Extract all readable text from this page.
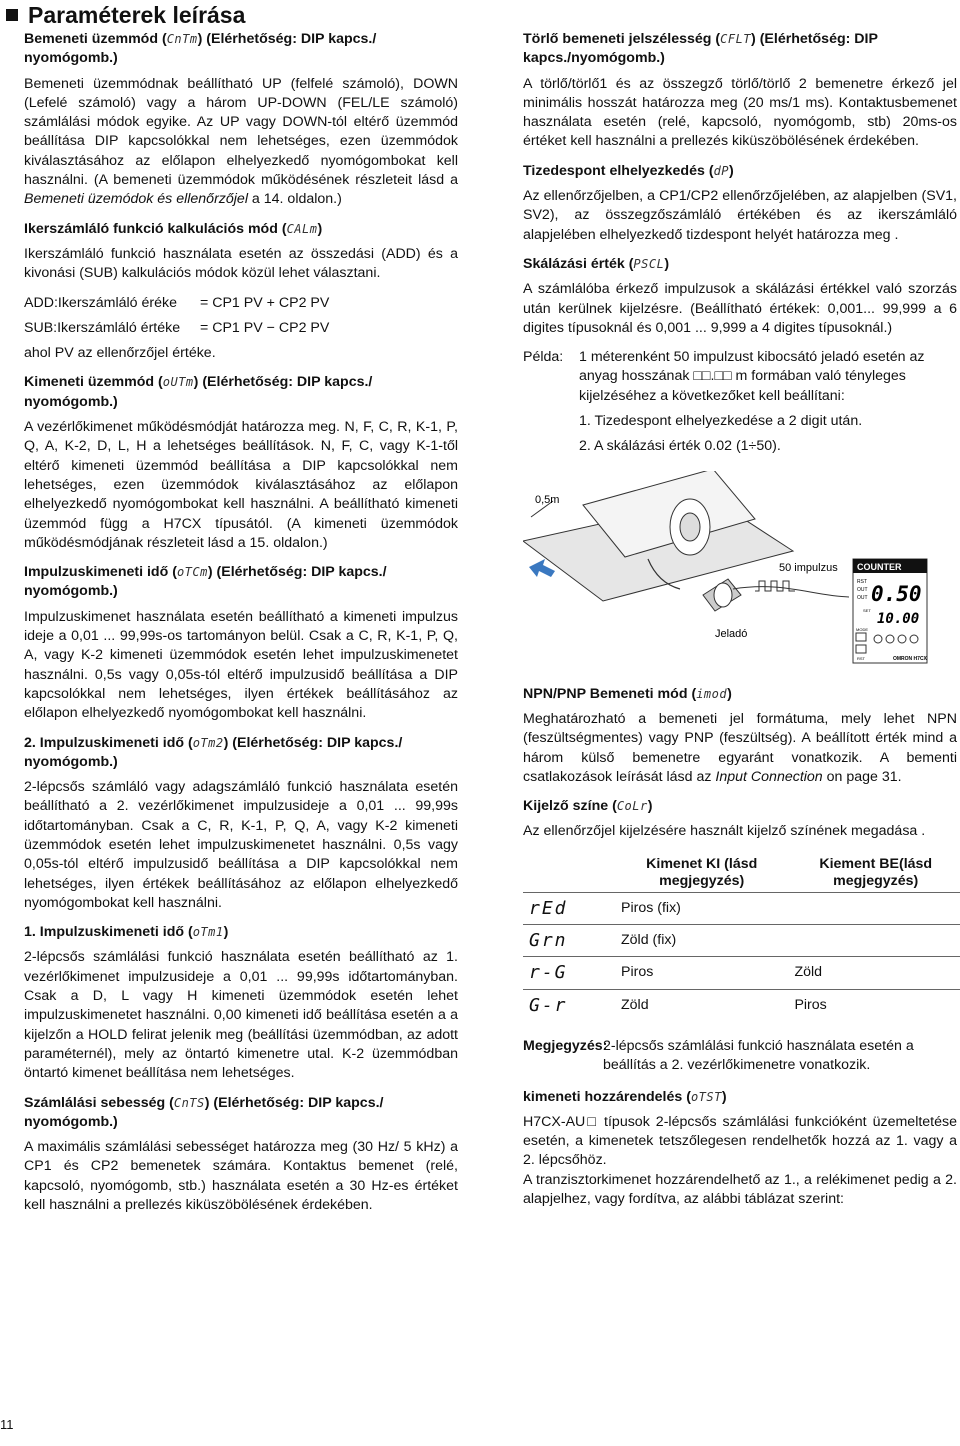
Paraméterek leírása
Bemeneti üzemmód (CnTm) (Elérhetőség: DIP kapcs./ nyomógomb.)

Bemeneti üzemmódnak beállítható UP (felfelé számoló), DOWN (Lefelé számoló) vagy a három UP-DOWN (FEL/LE számoló) számlálási módok egyike. Az UP vagy DOWN-tól eltérő üzemmód beállítása DIP kapcsolókkal nem lehetséges, ezen üzemmódok kiválasztásához az előlapon elhelyezkedő nyomógombokat kell használni. (A bemeneti üzemmódok működésének részleteit lásd a Bemeneti üzemódok és ellenőrzőjel a 14. oldalon.)

Ikerszámláló funkció kalkulációs mód (CALm)

Ikerszámláló funkció használata esetén az összedási (ADD) és a kivonási (SUB) kalkulációs módok közül lehet választani.

ADD:Ikerszámláló éréke = CP1 PV + CP2 PV
SUB:Ikerszámláló értéke = CP1 PV − CP2 PV

ahol PV az ellenőrzőjel értéke.

Kimeneti üzemmód (oUTm) (Elérhetőség: DIP kapcs./ nyomógomb.)

A vezérlőkimenet működésmódját határozza meg. N, F, C, R, K-1, P, Q, A, K-2, D, L, H a lehetséges beállítások. N, F, C, vagy K-1-től eltérő kimeneti üzemmód beállítása a DIP kapcsolókkal nem lehetséges, ezen üzemmódok kiválasztásához az előlapon elhelyezkedő nyomógombokat kell használni. A beállítható kimeneti üzemmód függ a H7CX típusától. (A kimeneti üzemmódok működésmódjának részleteit lásd a 15. oldalon.)

Impulzuskimeneti idő (oTCm) (Elérhetőség: DIP kapcs./ nyomógomb.)

Impulzuskimenet használata esetén beállítható a kimeneti impulzus ideje a 0,01 ... 99,99s-os tartományon belül. Csak a C, R, K-1, P, Q, A, vagy K-2 kimeneti üzemmódok esetén lehet impulzuskimenetet használni. 0,5s vagy 0,05s-tól eltérő impulzusidő beállítása a DIP kapcsolókkal nem lehetséges, ilyen értékek beállításához az előlapon elhelyezkedő nyomógombokat kell használni.

2. Impulzuskimeneti idő (oTm2) (Elérhetőség: DIP kapcs./ nyomógomb.)

2-lépcsős számláló vagy adagszámláló funkció használata esetén beállítható a 2. vezérlőkimenet impulzusideje a 0,01 ... 99,99s időtartományban. Csak a C, R, K-1, P, Q, A, vagy K-2 kimeneti üzemmódok esetén lehet impulzuskimenetet használni. 0,5s vagy 0,05s-tól eltérő impulzusidő beállítása a DIP kapcsolókkal nem lehetséges, ilyen értékek beállításához az előlapon elhelyezkedő nyomógombokat kell használni.

1. Impulzuskimeneti idő (oTm1)

2-lépcsős számlálási funkció használata esetén beállítható az 1. vezérlőkimenet impulzusideje a 0,01 ... 99,99s időtartományban. Csak a D, L vagy H kimeneti üzemmódok esetén lehet impulzuskimenetet használni. 0,00 kimeneti idő beállítása esetén a a kijelzőn a HOLD felirat jelenik meg (beállítási üzemmódban, az adott paraméternél), mely az öntartó kimenetre utal. K-2 üzemmódban öntartó kimenet beállítása nem lehetséges.

Számlálási sebesség (CnTS) (Elérhetőség: DIP kapcs./ nyomógomb.)

A maximális számlálási sebességet határozza meg (30 Hz/ 5 kHz) a CP1 és CP2 bemenetek számára. Kontaktus bemenet (relé, kapcsoló, nyomógomb, stb.) használata esetén a 30 Hz-es értéket kell használni a prellezés kiküszöbölésének érdekében.

Törlő bemeneti jelszélesség (CFLT) (Elérhetőség: DIP kapcs./nyomógomb.)

A törlő/törlő1 és az összegző törlő/törlő 2 bemenetre érkező jel minimális hosszát határozza meg (20 ms/1 ms). Kontaktusbemenet használata esetén (relé, kapcsoló, nyomógomb, stb) 20ms-os értéket kell használni a prellezés kiküszöbölésének érdekében.

Tizedespont elhelyezkedés (dP)

Az ellenőrzőjelben, a CP1/CP2 ellenőrzőjelében, az alapjelben (SV1, SV2), az összegzőszámláló értékében és az ikerszámláló alapjelében elhelyezkedő tizdespont helyét határozza meg .

Skálázási érték (PSCL)

A számlálóba érkező impulzusok a skálázási értékkel való szorzás után kerülnek kijelzésre. (Beállítható értékek: 0,001... 99,999 a 6 digites típusoknál és 0,001 ... 9,999 a 4 digites típusoknál.)

Példa:	1 méterenként 50 impulzust kibocsátó jeladó esetén az anyag hosszának □□.□□ m formában való tényleges kijelzéséhez a következőket kell beállítani:
1. Tizedespont elhelyezkedése a 2 digit után.
2. A skálázási érték 0.02 (1÷50).
0,5m
Jeladó
50 impulzus COUNTER
RST
OUT
OUT 0.50
SET
10.00
MODE
RST	OMRON H7CX
NPN/PNP Bemeneti mód (imod)

Meghatározható a bemeneti jel formátuma, mely lehet NPN (feszültségmentes) vagy PNP (feszültség). A beállított érték mind a három külső bemenetre egyaránt vonatkozik. A bementi csatlakozások leírását lásd az Input Connection on page 31.

Kijelző színe (CoLr)

Az ellenőrzőjel kijelzésére használt kijelző színének megadása .

	Kimenet KI (lásd megjegyzés)	Kiement BE(lásd megjegyzés)
rEd	Piros (fix)	
Grn	Zöld (fix)	
r-G	Piros	Zöld
G-r	Zöld	Piros
Megjegyzés:
2-lépcsős számlálási funkció használata esetén a beállítás a 2. vezérlőkimenetre vonatkozik.
kimeneti hozzárendelés (oTST)

H7CX-AU□ típusok 2-lépcsős számlálási funkcióként üzemeltetése esetén, a kimenetek tetszőlegesen rendelhetők hozzá az 1. vagy a 2. lépcsőhöz.

A tranzisztorkimenet hozzárendelhető az 1., a relékimenet pedig a 2. alapjelhez, vagy fordítva, az alábbi táblázat szerint:

11
